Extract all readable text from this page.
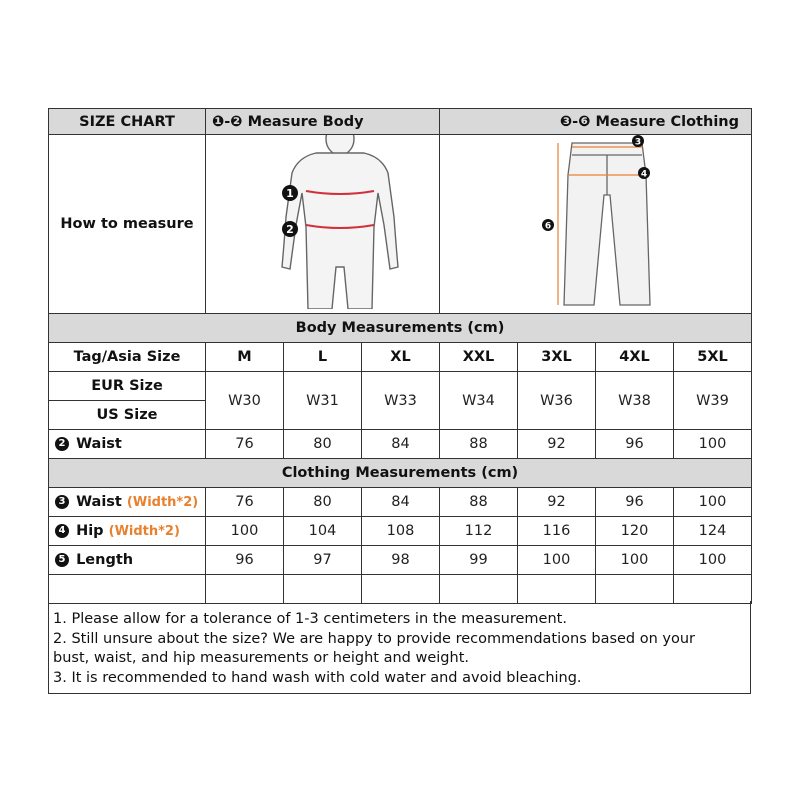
SIZE CHART	❶-❷ Measure Body			❸-❻ Measure Clothing			
How to measure	1
2			3
4
6			

Body Measurements (cm)							
Tag/Asia Size	M	L	XL	XXL	3XL	4XL	5XL
EUR Size	W30	W31	W33	W34	W36	W38	W39
US Size							
2 Waist	76	80	84	88	92	96	100
Clothing Measurements (cm)							
3 Waist (Width*2)	76	80	84	88	92	96	100
4 Hip (Width*2)	100	104	108	112	116	120	124
5 Length	96	97	98	99	100	100	100

1. Please allow for a tolerance of 1-3 centimeters in the measurement.
2. Still unsure about the size? We are happy to provide recommendations based on your
bust, waist, and hip measurements or height and weight.
3. It is recommended to hand wash with cold water and avoid bleaching.
